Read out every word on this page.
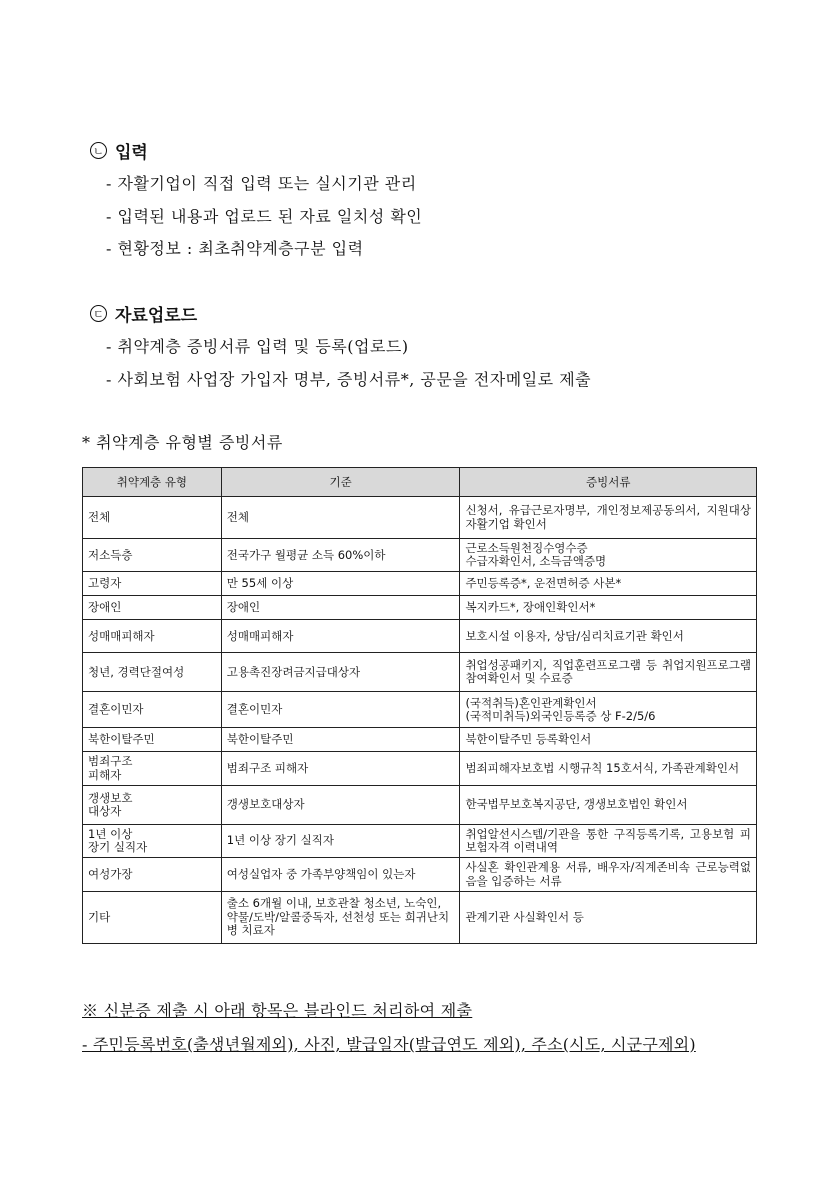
ㄴ 입력
- 자활기업이 직접 입력 또는 실시기관 관리
- 입력된 내용과 업로드 된 자료 일치성 확인
- 현황정보 : 최초취약계층구분 입력
ㄷ 자료업로드
- 취약계층 증빙서류 입력 및 등록(업로드)
- 사회보험 사업장 가입자 명부, 증빙서류*, 공문을 전자메일로 제출
* 취약계층 유형별 증빙서류
취약계층 유형	기준	증빙서류
전체	전체	신청서, 유급근로자명부, 개인정보제공동의서, 지원대상자활기업 확인서
저소득층	전국가구 월평균 소득 60%이하	근로소득원천징수영수증
수급자확인서, 소득금액증명
고령자	만 55세 이상	주민등록증*, 운전면허증 사본*
장애인	장애인	복지카드*, 장애인확인서*
성매매피해자	성매매피해자	보호시설 이용자, 상담/심리치료기관 확인서
청년, 경력단절여성	고용촉진장려금지급대상자	취업성공패키지, 직업훈련프로그램 등 취업지원프로그램 참여확인서 및 수료증
결혼이민자	결혼이민자	(국적취득)혼인관계확인서
(국적미취득)외국인등록증 상 F-2/5/6
북한이탈주민	북한이탈주민	북한이탈주민 등록확인서
범죄구조
피해자	범죄구조 피해자	범죄피해자보호법 시행규칙 15호서식, 가족관계확인서
갱생보호
대상자	갱생보호대상자	한국법무보호복지공단, 갱생보호법인 확인서
1년 이상
장기 실직자	1년 이상 장기 실직자	취업알선시스템/기관을 통한 구직등록기록, 고용보험 피보험자격 이력내역
여성가장	여성실업자 중 가족부양책임이 있는자	사실혼 확인관계용 서류, 배우자/직계존비속 근로능력없음을 입증하는 서류
기타	출소 6개월 이내, 보호관찰 청소년, 노숙인, 약물/도박/알콜중독자, 선천성 또는 희귀난치병 치료자	관계기관 사실확인서 등
※ 신분증 제출 시 아래 항목은 블라인드 처리하여 제출
- 주민등록번호(출생년월제외), 사진, 발급일자(발급연도 제외), 주소(시도, 시군구제외)
